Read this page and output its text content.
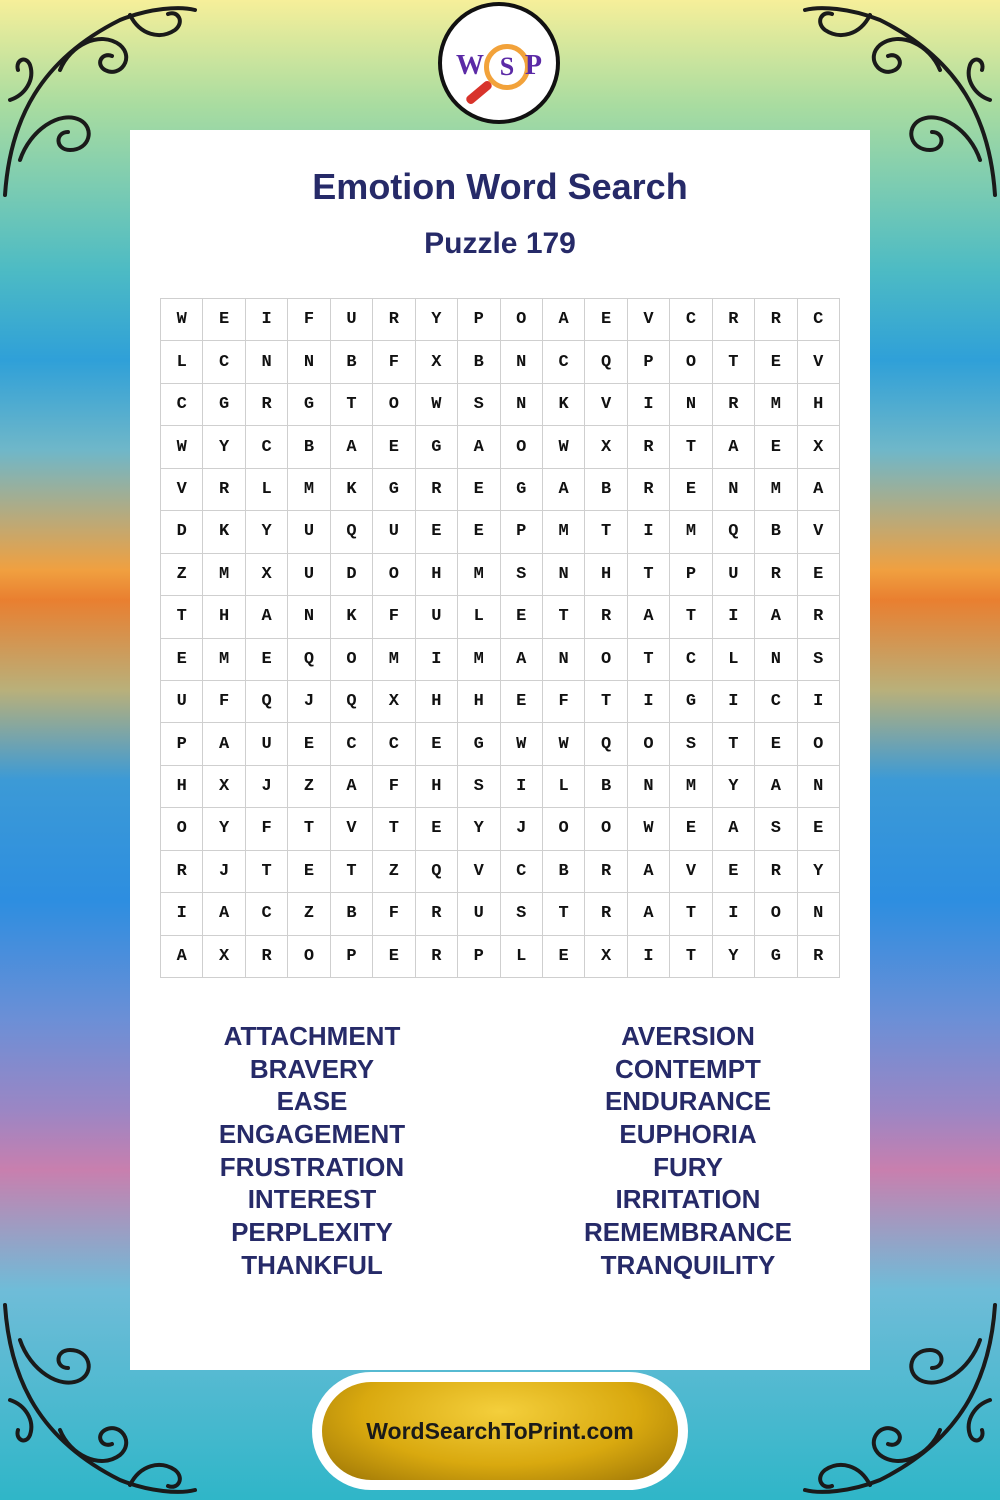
W S P
Emotion Word Search
Puzzle 179
W	E	I	F	U	R	Y	P	O	A	E	V	C	R	R	C
L	C	N	N	B	F	X	B	N	C	Q	P	O	T	E	V
C	G	R	G	T	O	W	S	N	K	V	I	N	R	M	H
W	Y	C	B	A	E	G	A	O	W	X	R	T	A	E	X
V	R	L	M	K	G	R	E	G	A	B	R	E	N	M	A
D	K	Y	U	Q	U	E	E	P	M	T	I	M	Q	B	V
Z	M	X	U	D	O	H	M	S	N	H	T	P	U	R	E
T	H	A	N	K	F	U	L	E	T	R	A	T	I	A	R
E	M	E	Q	O	M	I	M	A	N	O	T	C	L	N	S
U	F	Q	J	Q	X	H	H	E	F	T	I	G	I	C	I
P	A	U	E	C	C	E	G	W	W	Q	O	S	T	E	O
H	X	J	Z	A	F	H	S	I	L	B	N	M	Y	A	N
O	Y	F	T	V	T	E	Y	J	O	O	W	E	A	S	E
R	J	T	E	T	Z	Q	V	C	B	R	A	V	E	R	Y
I	A	C	Z	B	F	R	U	S	T	R	A	T	I	O	N
A	X	R	O	P	E	R	P	L	E	X	I	T	Y	G	R
ATTACHMENT
BRAVERY
EASE
ENGAGEMENT
FRUSTRATION
INTEREST
PERPLEXITY
THANKFUL
AVERSION
CONTEMPT
ENDURANCE
EUPHORIA
FURY
IRRITATION
REMEMBRANCE
TRANQUILITY
WordSearchToPrint.com
